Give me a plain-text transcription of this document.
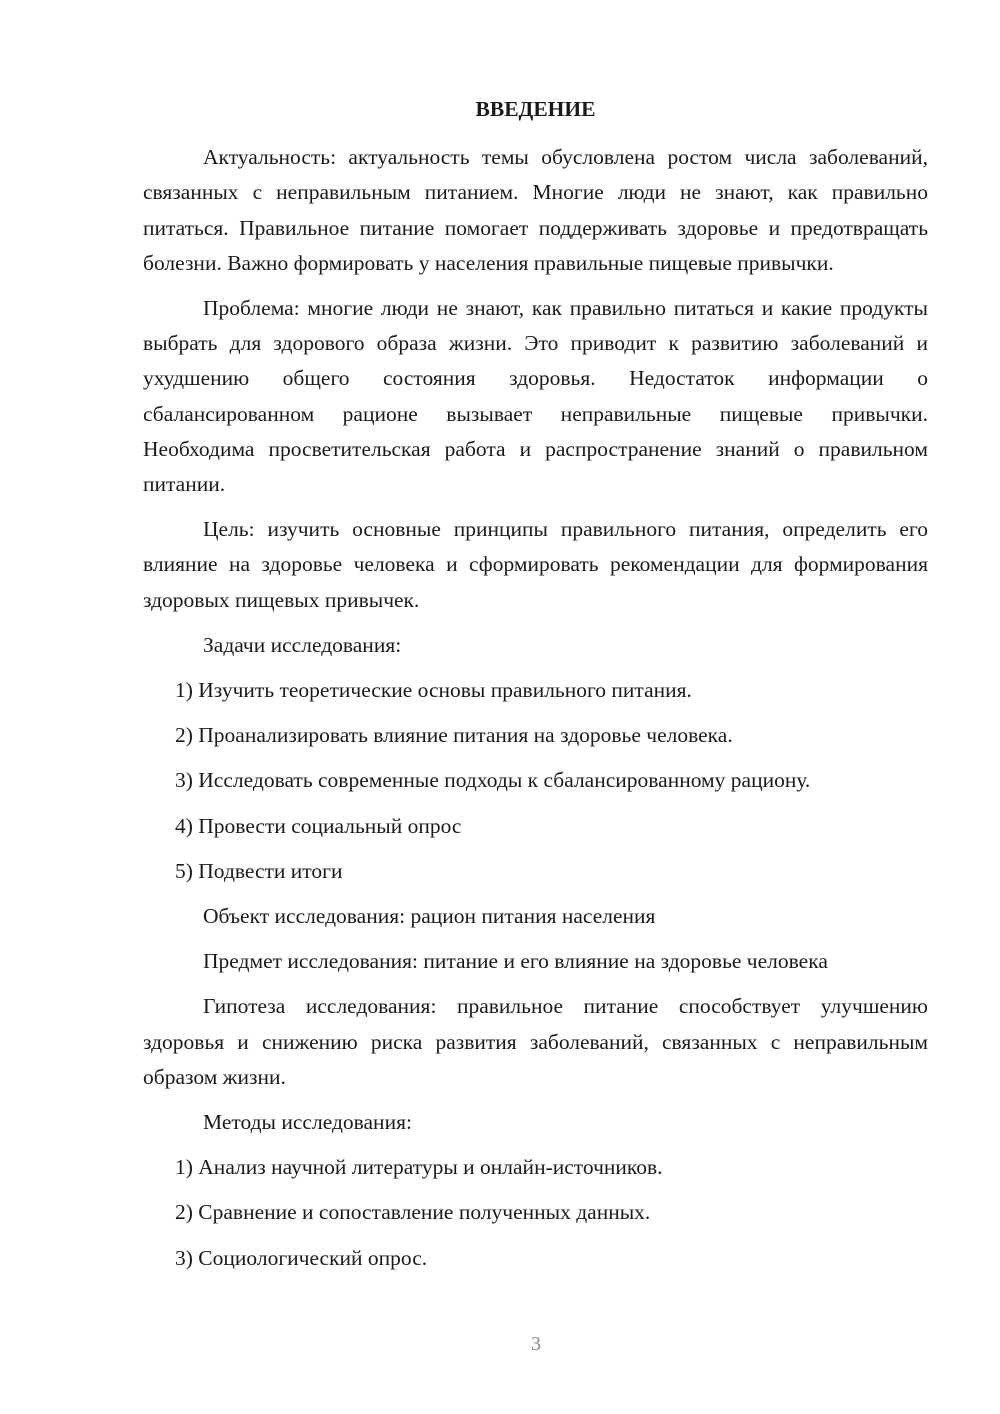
ВВЕДЕНИЕ

Актуальность: актуальность темы обусловлена ростом числа заболеваний, связанных с неправильным питанием. Многие люди не знают, как правильно питаться. Правильное питание помогает поддерживать здоровье и предотвращать болезни. Важно формировать у населения правильные пищевые привычки.

Проблема: многие люди не знают, как правильно питаться и какие продукты выбрать для здорового образа жизни. Это приводит к развитию заболеваний и ухудшению общего состояния здоровья. Недостаток информации о сбалансированном рационе вызывает неправильные пищевые привычки. Необходима просветительская работа и распространение знаний о правильном питании.

Цель: изучить основные принципы правильного питания, определить его влияние на здоровье человека и сформировать рекомендации для формирования здоровых пищевых привычек.

Задачи исследования:

1) Изучить теоретические основы правильного питания.
2) Проанализировать влияние питания на здоровье человека.
3) Исследовать современные подходы к сбалансированному рациону.
4) Провести социальный опрос
5) Подвести итоги

Объект исследования: рацион питания населения

Предмет исследования: питание и его влияние на здоровье человека

Гипотеза исследования: правильное питание способствует улучшению здоровья и снижению риска развития заболеваний, связанных с неправильным образом жизни.

Методы исследования:

1) Анализ научной литературы и онлайн-источников.
2) Сравнение и сопоставление полученных данных.
3) Социологический опрос.
3
